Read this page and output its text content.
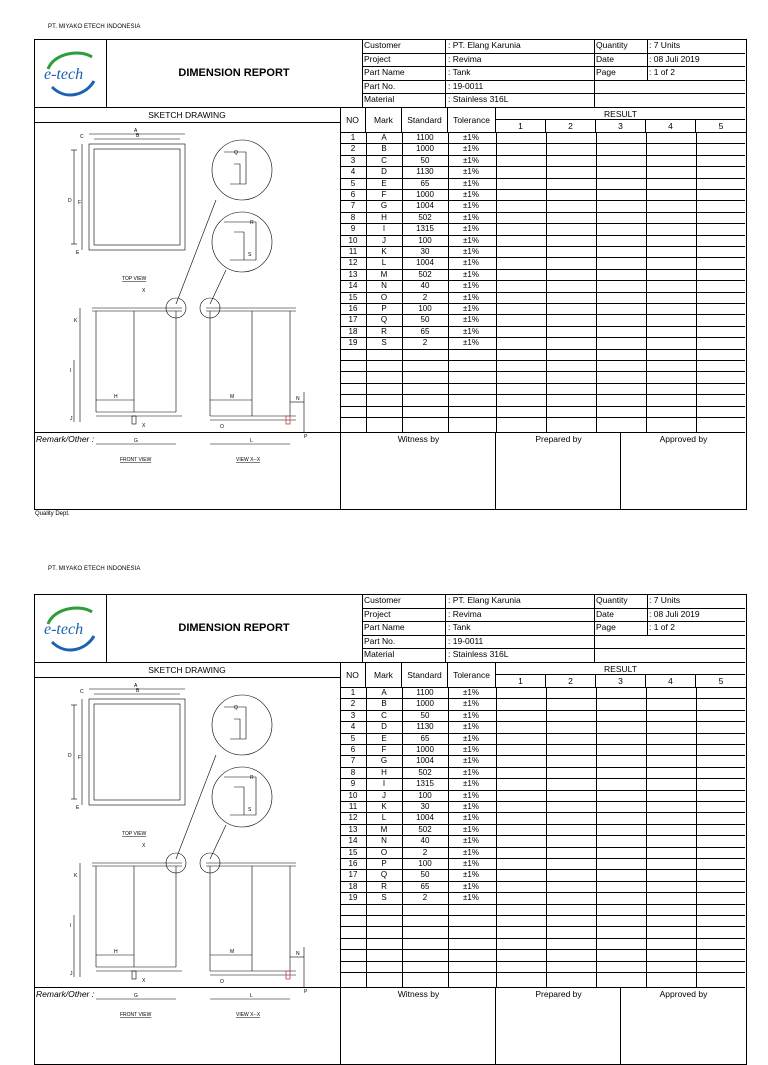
PT. MIYAKO ETECH INDONESIA
e-tech	DIMENSION REPORT
Customer	: PT. Elang Karunia	Quantity	: 7 Units
Project	: Revima	Date	: 08 Juli 2019
Part Name	: Tank	Page	: 1 of 2
Part No.	: 19-0011
Material	: Stainless 316L
SKETCH DRAWING
A
B
C
D F
E
Q
R
S
H	M	N
G	L
P
K
I
J
O
X
X
TOP VIEW
FRONT VIEW	VIEW X--X
NO	Mark	Standard	Tolerance
RESULT
1	2	3	4	5
1	A	1100	±1%
2	B	1000	±1%
3	C	50	±1%
4	D	1130	±1%
5	E	65	±1%
6	F	1000	±1%
7	G	1004	±1%
8	H	502	±1%
9	I	1315	±1%
10	J	100	±1%
11	K	30	±1%
12	L	1004	±1%
13	M	502	±1%
14	N	40	±1%
15	O	2	±1%
16	P	100	±1%
17	Q	50	±1%
18	R	65	±1%
19	S	2	±1%
Remark/Other :	Witness by	Prepared by	Approved by
Quality Dept.
PT. MIYAKO ETECH INDONESIA
e-tech	DIMENSION REPORT
Customer	: PT. Elang Karunia	Quantity	: 7 Units
Project	: Revima	Date	: 08 Juli 2019
Part Name	: Tank	Page	: 1 of 2
Part No.	: 19-0011
Material	: Stainless 316L
SKETCH DRAWING
A
B
C
D F
E
Q
R
S
H	M	N
G	L
P
K
I
J
O
X
X
TOP VIEW
FRONT VIEW	VIEW X--X
NO	Mark	Standard	Tolerance
RESULT
1	2	3	4	5
1	A	1100	±1%
2	B	1000	±1%
3	C	50	±1%
4	D	1130	±1%
5	E	65	±1%
6	F	1000	±1%
7	G	1004	±1%
8	H	502	±1%
9	I	1315	±1%
10	J	100	±1%
11	K	30	±1%
12	L	1004	±1%
13	M	502	±1%
14	N	40	±1%
15	O	2	±1%
16	P	100	±1%
17	Q	50	±1%
18	R	65	±1%
19	S	2	±1%
Remark/Other :	Witness by	Prepared by	Approved by
